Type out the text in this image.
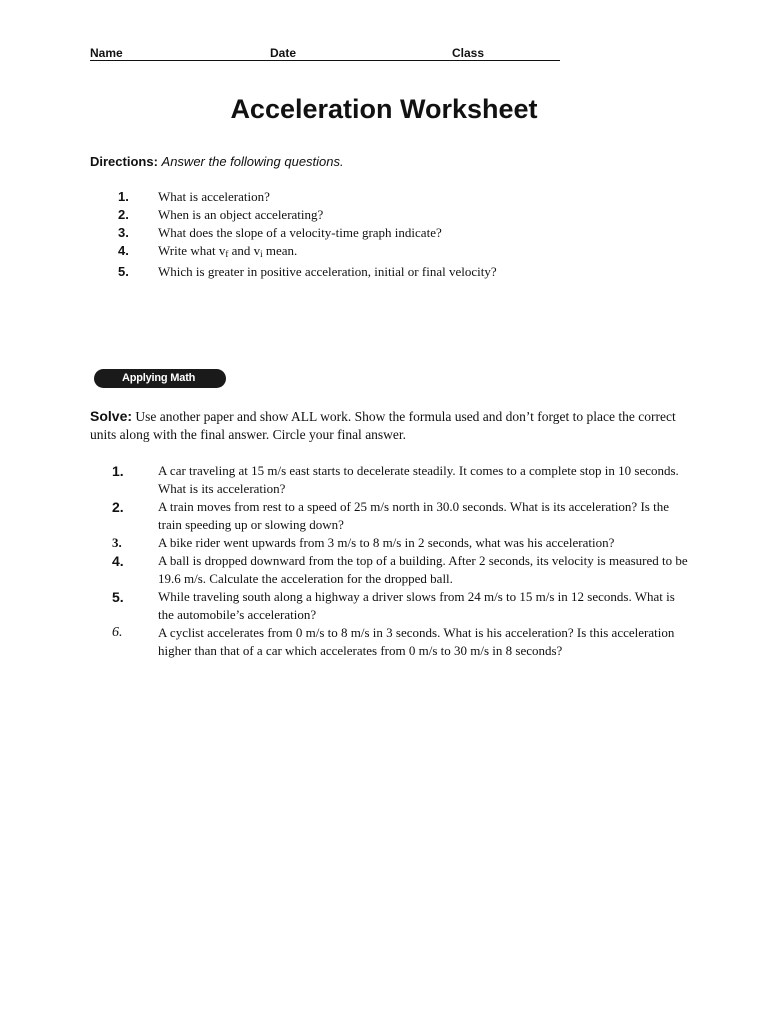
Name	Date	Class
Acceleration Worksheet
Directions: Answer the following questions.
1.	What is acceleration?
2.	When is an object accelerating?
3.	What does the slope of a velocity-time graph indicate?
4.	Write what $v_f$ and $v_i$ mean.
5.	Which is greater in positive acceleration, initial or final velocity?
Applying Math
Solve: Use another paper and show ALL work. Show the formula used and don’t forget to place the correct units along with the final answer. Circle your final answer.
1.	A car traveling at 15 m/s east starts to decelerate steadily. It comes to a complete stop in 10 seconds. What is its acceleration?
2.	A train moves from rest to a speed of 25 m/s north in 30.0 seconds. What is its acceleration? Is the train speeding up or slowing down?
3.	A bike rider went upwards from 3 m/s to 8 m/s in 2 seconds, what was his acceleration?
4.	A ball is dropped downward from the top of a building. After 2 seconds, its velocity is measured to be 19.6 m/s. Calculate the acceleration for the dropped ball.
5.	While traveling south along a highway a driver slows from 24 m/s to 15 m/s in 12 seconds. What is the automobile’s acceleration?
6.	A cyclist accelerates from 0 m/s to 8 m/s in 3 seconds. What is his acceleration? Is this acceleration higher than that of a car which accelerates from 0 m/s to 30 m/s in 8 seconds?
